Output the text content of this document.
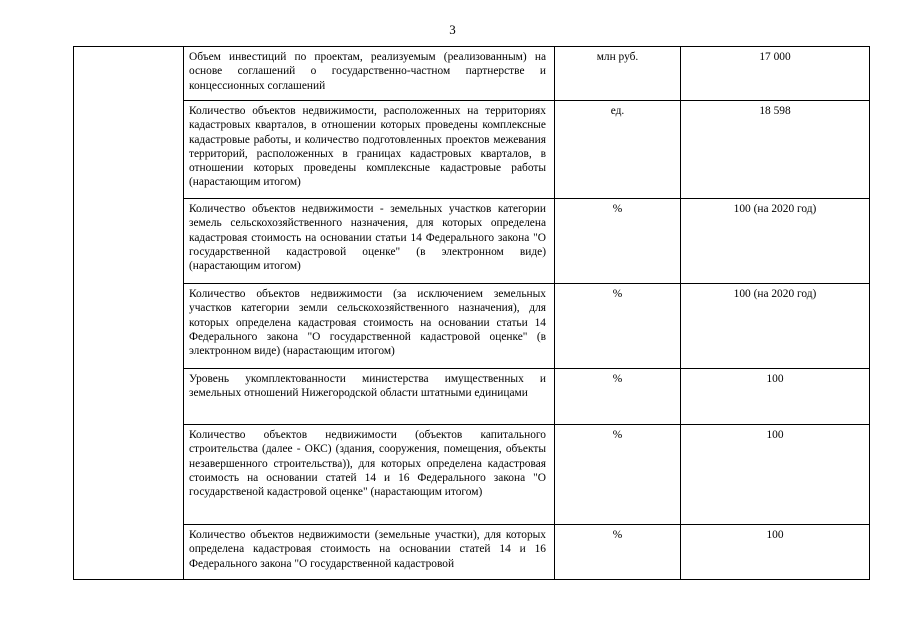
3

	Объем инвестиций по проектам, реализуемым (реализованным) на основе соглашений о государственно-частном партнерстве и концессионных соглашений	млн руб.	17 000

	Количество объектов недвижимости, расположенных на территориях кадастровых кварталов, в отношении которых проведены комплексные кадастровые работы, и количество подготовленных проектов межевания территорий, расположенных в границах кадастровых кварталов, в отношении которых проведены комплексные кадастровые работы (нарастающим итогом)	ед.	18 598

	Количество объектов недвижимости - земельных участков категории земель сельскохозяйственного назначения, для которых определена кадастровая стоимость на основании статьи 14 Федерального закона "О государственной кадастровой оценке" (в электронном виде) (нарастающим итогом)	%	100 (на 2020 год)

	Количество объектов недвижимости (за исключением земельных участков категории земли сельскохозяйственного назначения), для которых определена кадастровая стоимость на основании статьи 14 Федерального закона "О государственной кадастровой оценке" (в электронном виде) (нарастающим итогом)	%	100 (на 2020 год)

	Уровень укомплектованности министерства имущественных и земельных отношений Нижегородской области штатными единицами	%	100

	Количество объектов недвижимости (объектов капитального строительства (далее - ОКС) (здания, сооружения, помещения, объекты незавершенного строительства)), для которых определена кадастровая стоимость на основании статей 14 и 16 Федерального закона "О государственой кадастровой оценке" (нарастающим итогом)	%	100

	Количество объектов недвижимости (земельные участки), для которых определена кадастровая стоимость на основании статей 14 и 16 Федерального закона "О государственной кадастровой	%	100
